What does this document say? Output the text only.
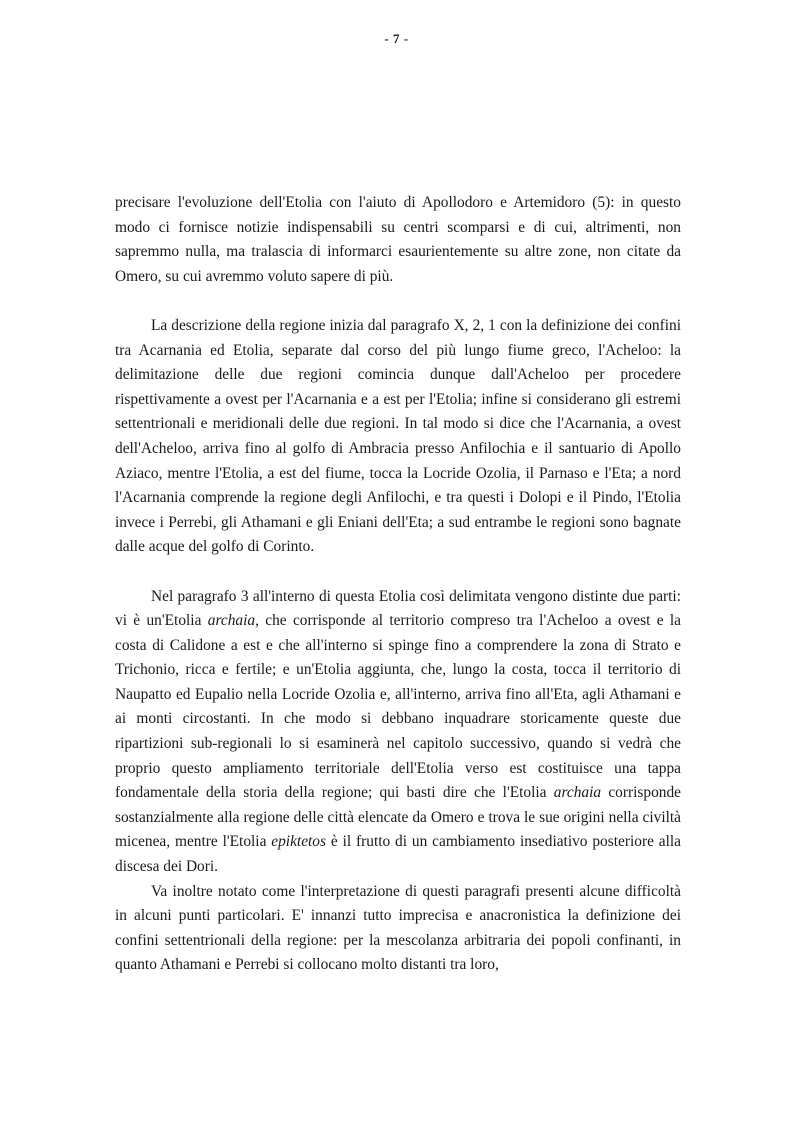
- 7 -

precisare l'evoluzione dell'Etolia con l'aiuto di Apollodoro e Artemidoro (5): in questo modo ci fornisce notizie indispensabili su centri scomparsi e di cui, altrimenti, non sapremmo nulla, ma tralascia di informarci esaurientemente su altre zone, non citate da Omero, su cui avremmo voluto sapere di più.

La descrizione della regione inizia dal paragrafo X, 2, 1 con la definizione dei confini tra Acarnania ed Etolia, separate dal corso del più lungo fiume greco, l'Acheloo: la delimitazione delle due regioni comincia dunque dall'Acheloo per procedere rispettivamente a ovest per l'Acarnania e a est per l'Etolia; infine si considerano gli estremi settentrionali e meridionali delle due regioni. In tal modo si dice che l'Acarnania, a ovest dell'Acheloo, arriva fino al golfo di Ambracia presso Anfilochia e il santuario di Apollo Aziaco, mentre l'Etolia, a est del fiume, tocca la Locride Ozolia, il Parnaso e l'Eta; a nord l'Acarnania comprende la regione degli Anfilochi, e tra questi i Dolopi e il Pindo, l'Etolia invece i Perrebi, gli Athamani e gli Eniani dell'Eta; a sud entrambe le regioni sono bagnate dalle acque del golfo di Corinto.

Nel paragrafo 3 all'interno di questa Etolia così delimitata vengono distinte due parti: vi è un'Etolia archaia, che corrisponde al territorio compreso tra l'Acheloo a ovest e la costa di Calidone a est e che all'interno si spinge fino a comprendere la zona di Strato e Trichonio, ricca e fertile; e un'Etolia aggiunta, che, lungo la costa, tocca il territorio di Naupatto ed Eupalio nella Locride Ozolia e, all'interno, arriva fino all'Eta, agli Athamani e ai monti circostanti. In che modo si debbano inquadrare storicamente queste due ripartizioni sub-regionali lo si esaminerà nel capitolo successivo, quando si vedrà che proprio questo ampliamento territoriale dell'Etolia verso est costituisce una tappa fondamentale della storia della regione; qui basti dire che l'Etolia archaia corrisponde sostanzialmente alla regione delle città elencate da Omero e trova le sue origini nella civiltà micenea, mentre l'Etolia epiktetos è il frutto di un cambiamento insediativo posteriore alla discesa dei Dori.

Va inoltre notato come l'interpretazione di questi paragrafi presenti alcune difficoltà in alcuni punti particolari. E' innanzi tutto imprecisa e anacronistica la definizione dei confini settentrionali della regione: per la mescolanza arbitraria dei popoli confinanti, in quanto Athamani e Perrebi si collocano molto distanti tra loro,
